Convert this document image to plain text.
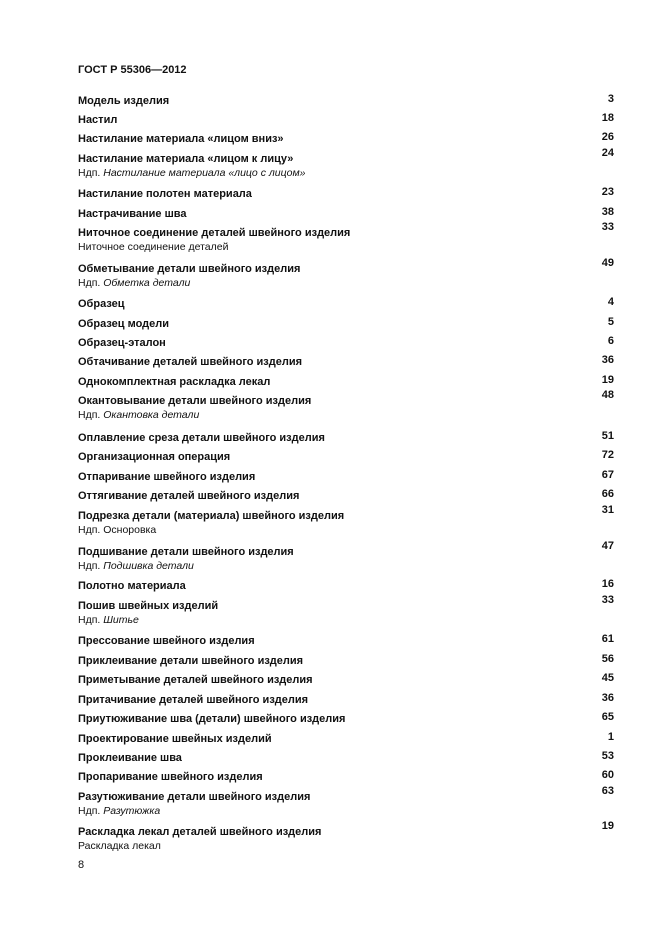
ГОСТ Р 55306—2012
Модель изделия	3
Настил	18
Настилание материала «лицом вниз»	26
Настилание материала «лицом к лицу»	24
Ндп. Настилание материала «лицо с лицом»
Настилание полотен материала	23
Настрачивание шва	38
Ниточное соединение деталей швейного изделия	33
Ниточное соединение деталей
Обметывание детали швейного изделия	49
Ндп. Обметка детали
Образец	4
Образец модели	5
Образец-эталон	6
Обтачивание деталей швейного изделия	36
Однокомплектная раскладка лекал	19
Окантовывание детали швейного изделия	48
Ндп. Окантовка детали
Оплавление среза детали швейного изделия	51
Организационная операция	72
Отпаривание швейного изделия	67
Оттягивание деталей швейного изделия	66
Подрезка детали (материала) швейного изделия	31
Ндп. Осноровка
Подшивание детали швейного изделия	47
Ндп. Подшивка детали
Полотно материала	16
Пошив швейных изделий	33
Ндп. Шитье
Прессование швейного изделия	61
Приклеивание детали швейного изделия	56
Приметывание деталей швейного изделия	45
Притачивание деталей швейного изделия	36
Приутюживание шва (детали) швейного изделия	65
Проектирование швейных изделий	1
Проклеивание шва	53
Пропаривание швейного изделия	60
Разутюживание детали швейного изделия	63
Ндп. Разутюжка
Раскладка лекал деталей швейного изделия	19
Раскладка лекал
8
